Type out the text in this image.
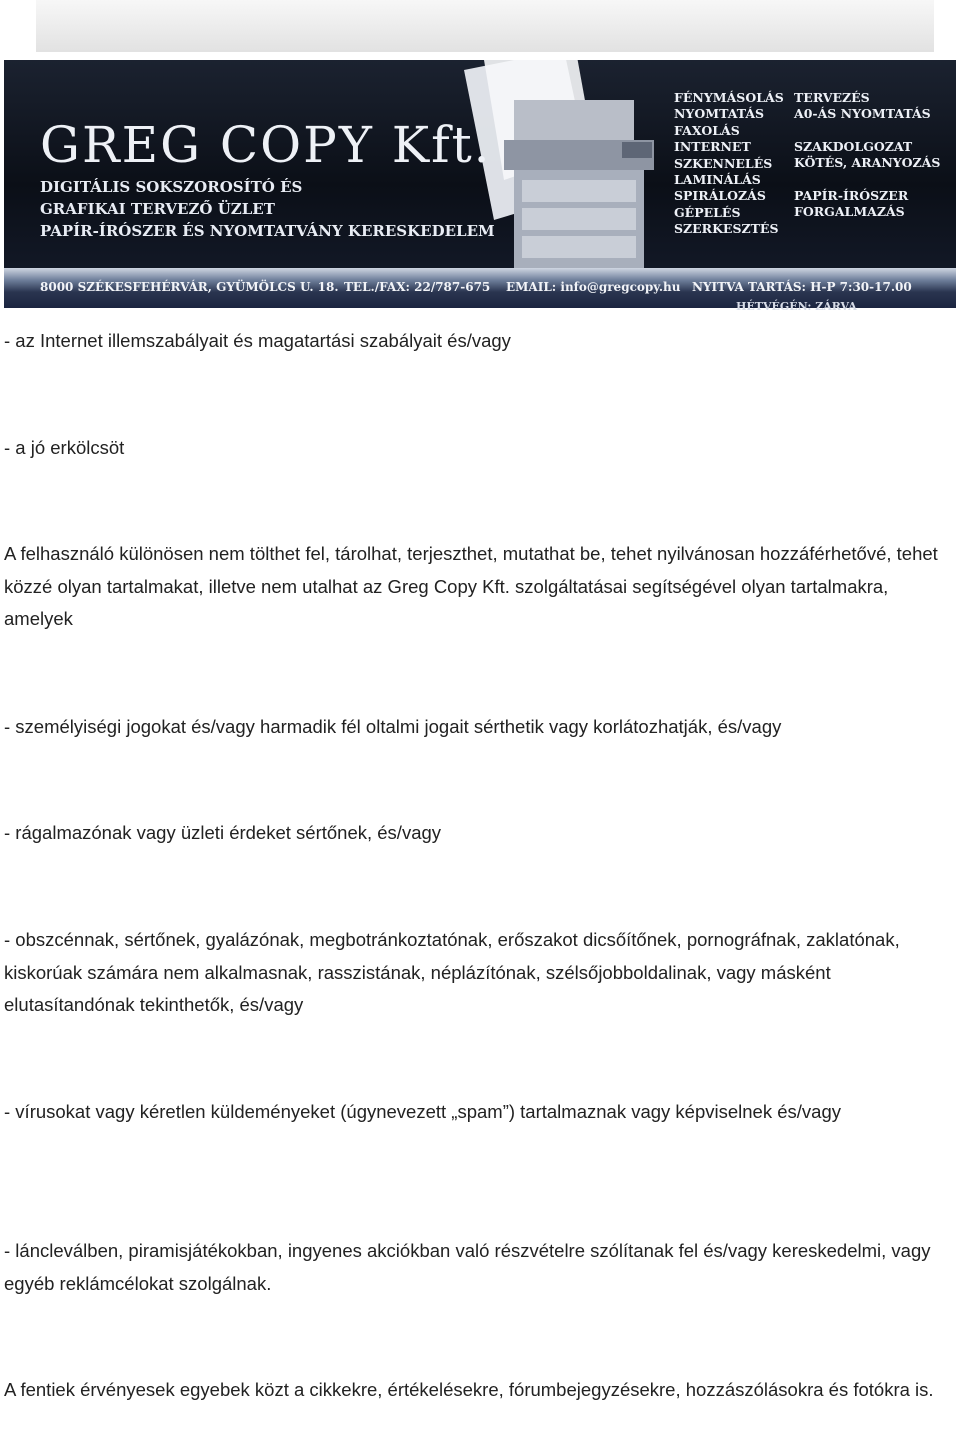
GREG COPY Kft.
DIGITÁLIS SOKSZOROSÍTÓ ÉS
GRAFIKAI TERVEZŐ ÜZLET
PAPÍR-ÍRÓSZER ÉS NYOMTATVÁNY KERESKEDELEM
FÉNYMÁSOLÁS
NYOMTATÁS
FAXOLÁS
INTERNET
SZKENNELÉS
LAMINÁLÁS
SPIRÁLOZÁS
GÉPELÉS
SZERKESZTÉS
TERVEZÉS
A0-ÁS NYOMTATÁS
SZAKDOLGOZAT
KÖTÉS, ARANYOZÁS
PAPÍR-ÍRÓSZER
FORGALMAZÁS
8000 SZÉKESFEHÉRVÁR, GYÜMÖLCS U. 18. TEL./FAX: 22/787-675 EMAIL: info@gregcopy.hu NYITVA TARTÁS: H-P 7:30-17.00
HÉTVÉGÉN: ZÁRVA

- az Internet illemszabályait és magatartási szabályait és/vagy

- a jó erkölcsöt

A felhasználó különösen nem tölthet fel, tárolhat, terjeszthet, mutathat be, tehet nyilvánosan hozzáférhetővé, tehet közzé olyan tartalmakat, illetve nem utalhat az Greg Copy Kft. szolgáltatásai segítségével olyan tartalmakra, amelyek

- személyiségi jogokat és/vagy harmadik fél oltalmi jogait sérthetik vagy korlátozhatják, és/vagy

- rágalmazónak vagy üzleti érdeket sértőnek, és/vagy

- obszcénnak, sértőnek, gyalázónak, megbotránkoztatónak, erőszakot dicsőítőnek, pornográfnak, zaklatónak, kiskorúak számára nem alkalmasnak, rasszistának, néplázítónak, szélsőjobboldalinak, vagy másként elutasítandónak tekinthetők, és/vagy

- vírusokat vagy kéretlen küldeményeket (úgynevezett „spam”) tartalmaznak vagy képviselnek és/vagy

- láncleválben, piramisjátékokban, ingyenes akciókban való részvételre szólítanak fel és/vagy kereskedelmi, vagy egyéb reklámcélokat szolgálnak.

A fentiek érvényesek egyebek közt a cikkekre, értékelésekre, fórumbejegyzésekre, hozzászólásokra és fotókra is.
